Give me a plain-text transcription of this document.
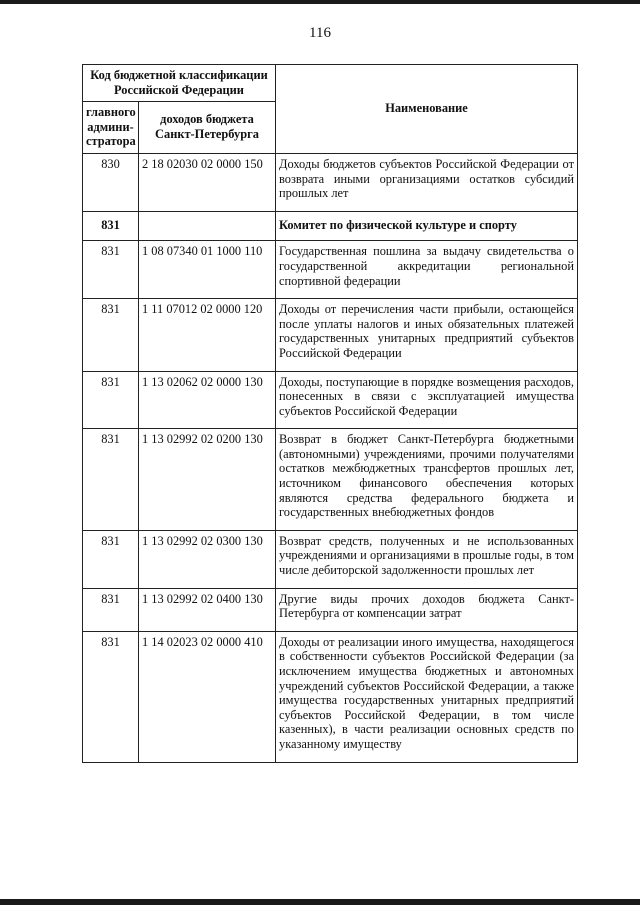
116
Код бюджетной классификации Российской Федерации		Наименование
главного админи-стратора	доходов бюджета Санкт-Петербурга	
830	2 18 02030 02 0000 150	Доходы бюджетов субъектов Российской Федерации от возврата иными организациями остатков субсидий прошлых лет
831		Комитет по физической культуре и спорту
831	1 08 07340 01 1000 110	Государственная пошлина за выдачу свидетельства о государственной аккредитации региональной спортивной федерации
831	1 11 07012 02 0000 120	Доходы от перечисления части прибыли, остающейся после уплаты налогов и иных обязательных платежей государственных унитарных предприятий субъектов Российской Федерации
831	1 13 02062 02 0000 130	Доходы, поступающие в порядке возмещения расходов, понесенных в связи с эксплуатацией имущества субъектов Российской Федерации
831	1 13 02992 02 0200 130	Возврат в бюджет Санкт-Петербурга бюджетными (автономными) учреждениями, прочими получателями остатков межбюджетных трансфертов прошлых лет, источником финансового обеспечения которых являются средства федерального бюджета и государственных внебюджетных фондов
831	1 13 02992 02 0300 130	Возврат средств, полученных и не использованных учреждениями и организациями в прошлые годы, в том числе дебиторской задолженности прошлых лет
831	1 13 02992 02 0400 130	Другие виды прочих доходов бюджета Санкт-Петербурга от компенсации затрат
831	1 14 02023 02 0000 410	Доходы от реализации иного имущества, находящегося в собственности субъектов Российской Федерации (за исключением имущества бюджетных и автономных учреждений субъектов Российской Федерации, а также имущества государственных унитарных предприятий субъектов Российской Федерации, в том числе казенных), в части реализации основных средств по указанному имуществу
